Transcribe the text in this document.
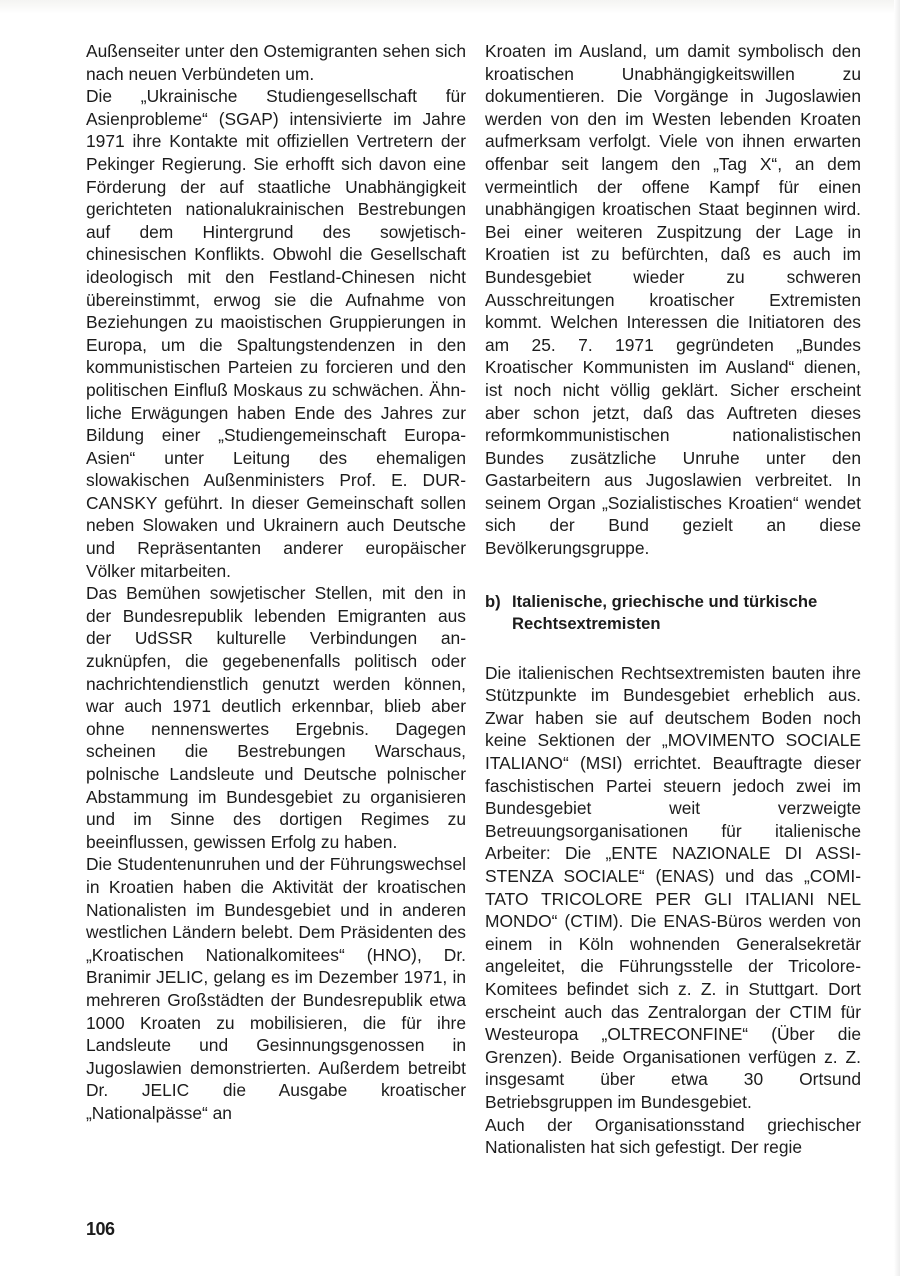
Außenseiter unter den Ostemigranten sehen sich nach neuen Verbündeten um.

Die „Ukrainische Studiengesellschaft für Asienprobleme“ (SGAP) intensivierte im Jahre 1971 ihre Kontakte mit offiziellen Vertretern der Pekinger Regierung. Sie erhofft sich davon eine Förderung der auf staatliche Unabhängigkeit gerichteten nationalukrainischen Bestrebungen auf dem Hintergrund des sowjetisch-chinesischen Konflikts. Obwohl die Gesellschaft ideologisch mit den Festland-Chinesen nicht übereinstimmt, erwog sie die Aufnahme von Beziehungen zu maoistischen Gruppierungen in Europa, um die Spaltungstendenzen in den kommunistischen Parteien zu forcieren und den politischen Einfluß Moskaus zu schwächen. Ähnliche Erwägungen haben Ende des Jahres zur Bildung einer „Studiengemeinschaft Europa-Asien“ unter Leitung des ehemaligen slowakischen Außenministers Prof. E. DURCANSKY geführt. In dieser Gemeinschaft sollen neben Slowaken und Ukrainern auch Deutsche und Repräsentanten anderer europäischer Völker mitarbeiten.

Das Bemühen sowjetischer Stellen, mit den in der Bundesrepublik lebenden Emigranten aus der UdSSR kulturelle Verbindungen anzuknüpfen, die gegebenenfalls politisch oder nachrichtendienstlich genutzt werden können, war auch 1971 deutlich erkennbar, blieb aber ohne nennenswertes Ergebnis. Dagegen scheinen die Bestrebungen Warschaus, polnische Landsleute und Deutsche polnischer Abstammung im Bundesgebiet zu organisieren und im Sinne des dortigen Regimes zu beeinflussen, gewissen Erfolg zu haben.

Die Studentenunruhen und der Führungswechsel in Kroatien haben die Aktivität der kroatischen Nationalisten im Bundesgebiet und in anderen westlichen Ländern belebt. Dem Präsidenten des „Kroatischen Nationalkomitees“ (HNO), Dr. Branimir JELIC, gelang es im Dezember 1971, in mehreren Großstädten der Bundesrepublik etwa 1000 Kroaten zu mobilisieren, die für ihre Landsleute und Gesinnungsgenossen in Jugoslawien demonstrierten. Außerdem betreibt Dr. JELIC die Ausgabe kroatischer „Nationalpässe“ an

Kroaten im Ausland, um damit symbolisch den kroatischen Unabhängigkeitswillen zu dokumentieren. Die Vorgänge in Jugoslawien werden von den im Westen lebenden Kroaten aufmerksam verfolgt. Viele von ihnen erwarten offenbar seit langem den „Tag X“, an dem vermeintlich der offene Kampf für einen unabhängigen kroatischen Staat beginnen wird. Bei einer weiteren Zuspitzung der Lage in Kroatien ist zu befürchten, daß es auch im Bundesgebiet wieder zu schweren Ausschreitungen kroatischer Extremisten kommt. Welchen Interessen die Initiatoren des am 25. 7. 1971 gegründeten „Bundes Kroatischer Kommunisten im Ausland“ dienen, ist noch nicht völlig geklärt. Sicher erscheint aber schon jetzt, daß das Auftreten dieses reformkommunistischen nationalistischen Bundes zusätzliche Unruhe unter den Gastarbeitern aus Jugoslawien verbreitet. In seinem Organ „Sozialistisches Kroatien“ wendet sich der Bund gezielt an diese Bevölkerungsgruppe.

b) Italienische, griechische und türkische
Rechtsextremisten

Die italienischen Rechtsextremisten bauten ihre Stützpunkte im Bundesgebiet erheblich aus. Zwar haben sie auf deutschem Boden noch keine Sektionen der „MOVIMENTO SOCIALE ITALIANO“ (MSI) errichtet. Beauftragte dieser faschistischen Partei steuern jedoch zwei im Bundesgebiet weit verzweigte Betreuungsorganisationen für italienische Arbeiter: Die „ENTE NAZIONALE DI ASSISTENZA SOCIALE“ (ENAS) und das „COMITATO TRICOLORE PER GLI ITALIANI NEL MONDO“ (CTIM). Die ENAS-Büros werden von einem in Köln wohnenden Generalsekretär angeleitet, die Führungsstelle der Tricolore-Komitees befindet sich z. Z. in Stuttgart. Dort erscheint auch das Zentralorgan der CTIM für Westeuropa „OLTRECONFINE“ (Über die Grenzen). Beide Organisationen verfügen z. Z. insgesamt über etwa 30 Ortsund Betriebsgruppen im Bundesgebiet.

Auch der Organisationsstand griechischer Nationalisten hat sich gefestigt. Der regie

106
